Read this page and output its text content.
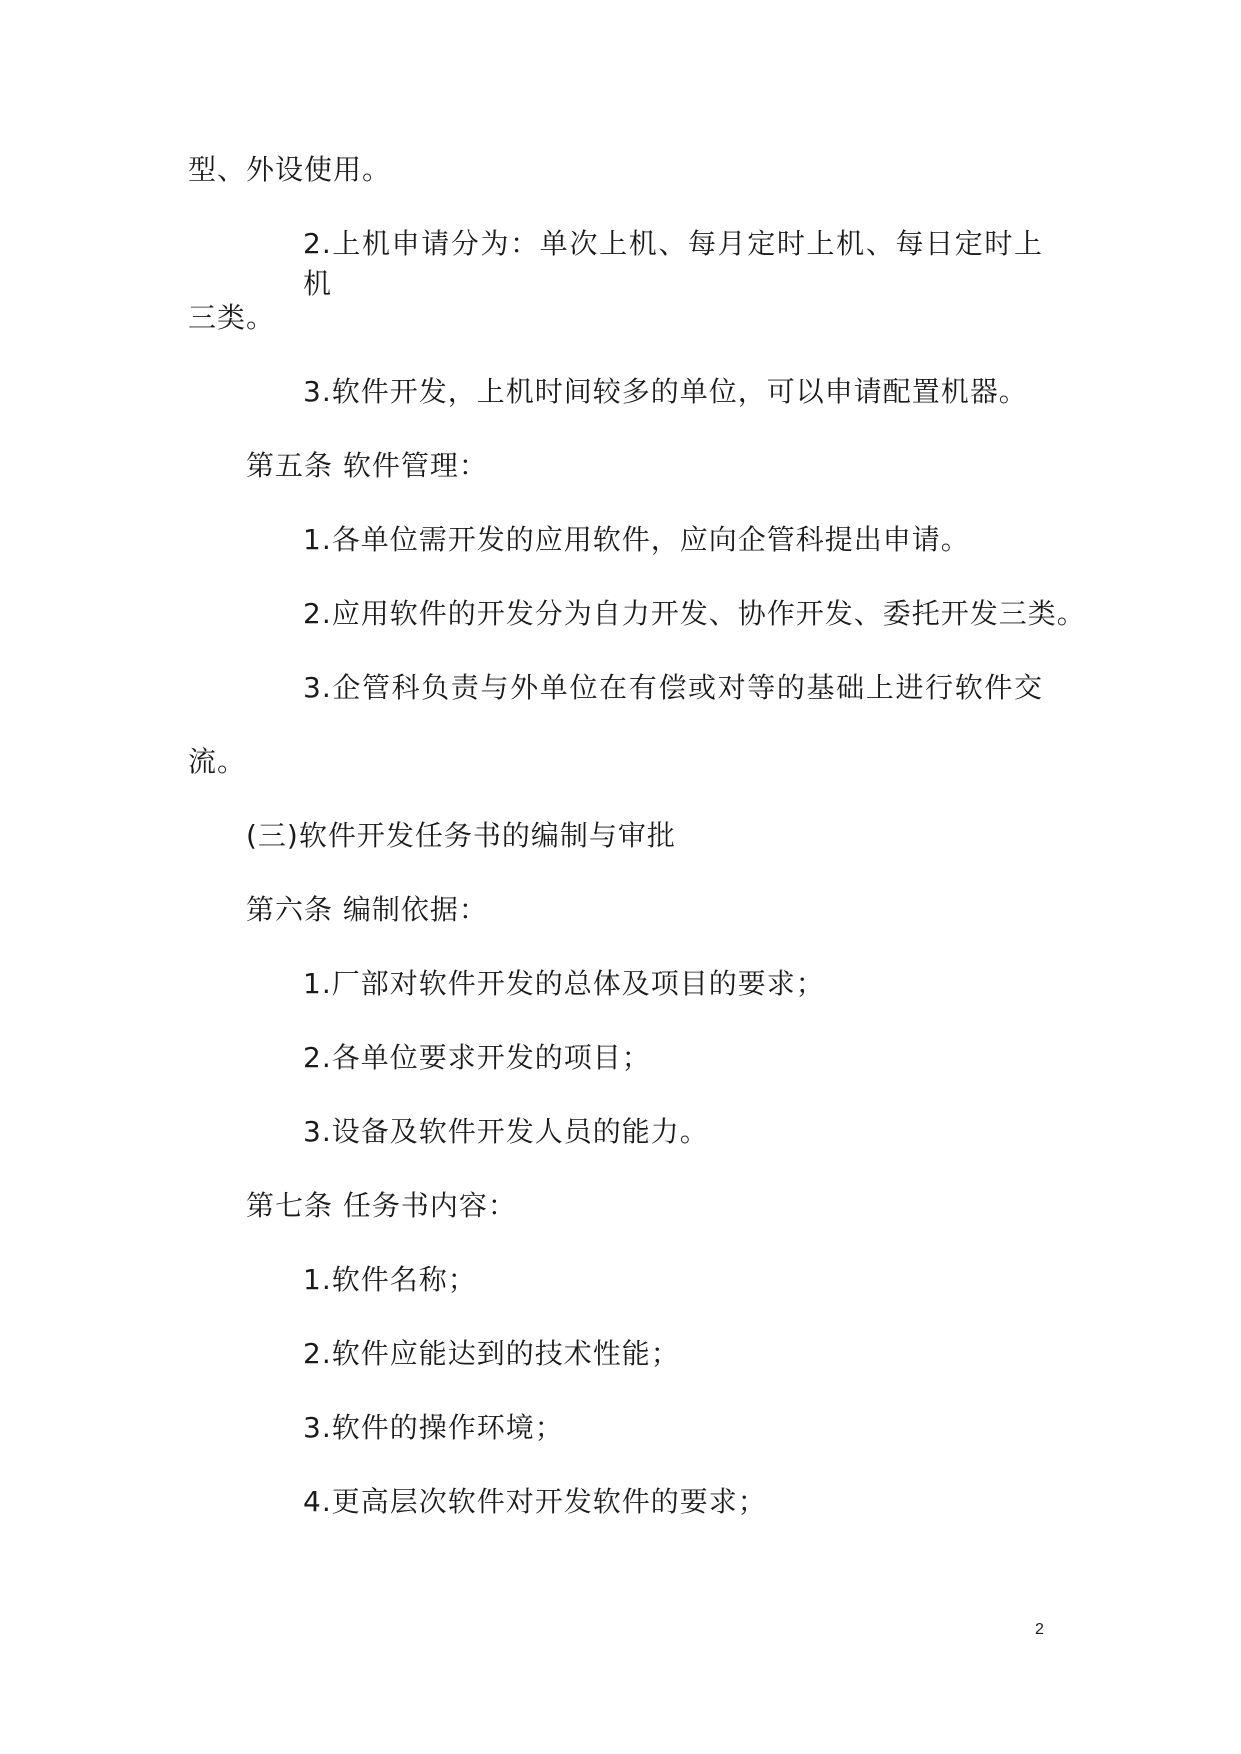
型、外设使用。
2.上机申请分为：单次上机、每月定时上机、每日定时上机
三类。
3.软件开发，上机时间较多的单位，可以申请配置机器。
第五条 软件管理：
1.各单位需开发的应用软件，应向企管科提出申请。
2.应用软件的开发分为自力开发、协作开发、委托开发三类。
3.企管科负责与外单位在有偿或对等的基础上进行软件交
流。
(三)软件开发任务书的编制与审批
第六条 编制依据：
1.厂部对软件开发的总体及项目的要求；
2.各单位要求开发的项目；
3.设备及软件开发人员的能力。
第七条 任务书内容：
1.软件名称；
2.软件应能达到的技术性能；
3.软件的操作环境；
4.更高层次软件对开发软件的要求；
2
